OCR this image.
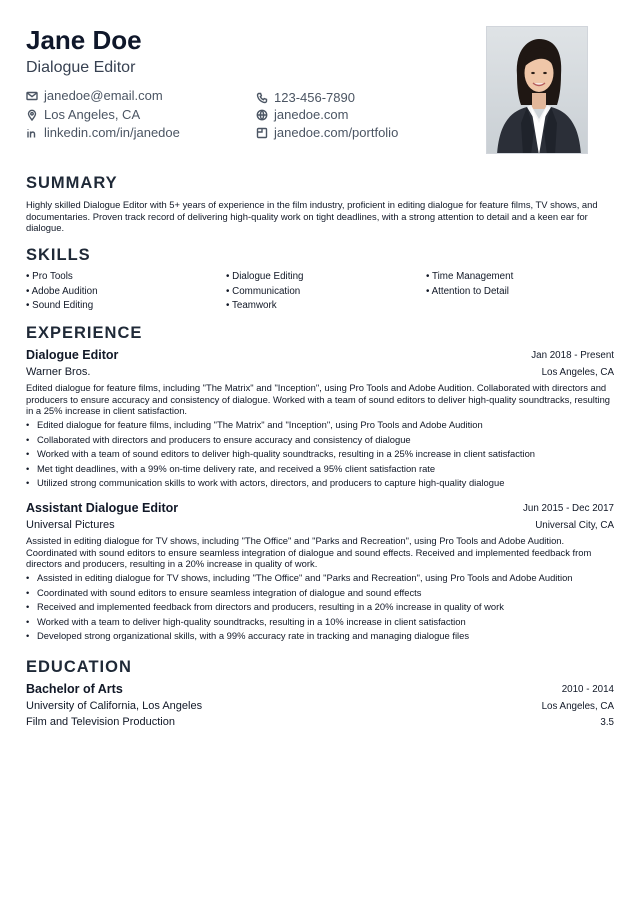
Jane Doe
Dialogue Editor
janedoe@email.com
Los Angeles, CA
linkedin.com/in/janedoe
123-456-7890
janedoe.com
janedoe.com/portfolio
SUMMARY
Highly skilled Dialogue Editor with 5+ years of experience in the film industry, proficient in editing dialogue for feature films, TV shows, and documentaries. Proven track record of delivering high-quality work on tight deadlines, with a strong attention to detail and a keen ear for dialogue.
SKILLS
• Pro Tools
• Adobe Audition
• Sound Editing
• Dialogue Editing
• Communication
• Teamwork
• Time Management
• Attention to Detail
EXPERIENCE
Dialogue Editor	Jan 2018 - Present
Warner Bros.	Los Angeles, CA
Edited dialogue for feature films, including "The Matrix" and "Inception", using Pro Tools and Adobe Audition. Collaborated with directors and producers to ensure accuracy and consistency of dialogue. Worked with a team of sound editors to deliver high-quality soundtracks, resulting in a 25% increase in client satisfaction.
• Edited dialogue for feature films, including "The Matrix" and "Inception", using Pro Tools and Adobe Audition
• Collaborated with directors and producers to ensure accuracy and consistency of dialogue
• Worked with a team of sound editors to deliver high-quality soundtracks, resulting in a 25% increase in client satisfaction
• Met tight deadlines, with a 99% on-time delivery rate, and received a 95% client satisfaction rate
• Utilized strong communication skills to work with actors, directors, and producers to capture high-quality dialogue
Assistant Dialogue Editor	Jun 2015 - Dec 2017
Universal Pictures	Universal City, CA
Assisted in editing dialogue for TV shows, including "The Office" and "Parks and Recreation", using Pro Tools and Adobe Audition. Coordinated with sound editors to ensure seamless integration of dialogue and sound effects. Received and implemented feedback from directors and producers, resulting in a 20% increase in quality of work.
• Assisted in editing dialogue for TV shows, including "The Office" and "Parks and Recreation", using Pro Tools and Adobe Audition
• Coordinated with sound editors to ensure seamless integration of dialogue and sound effects
• Received and implemented feedback from directors and producers, resulting in a 20% increase in quality of work
• Worked with a team to deliver high-quality soundtracks, resulting in a 10% increase in client satisfaction
• Developed strong organizational skills, with a 99% accuracy rate in tracking and managing dialogue files
EDUCATION
Bachelor of Arts	2010 - 2014
University of California, Los Angeles	Los Angeles, CA
Film and Television Production	3.5
